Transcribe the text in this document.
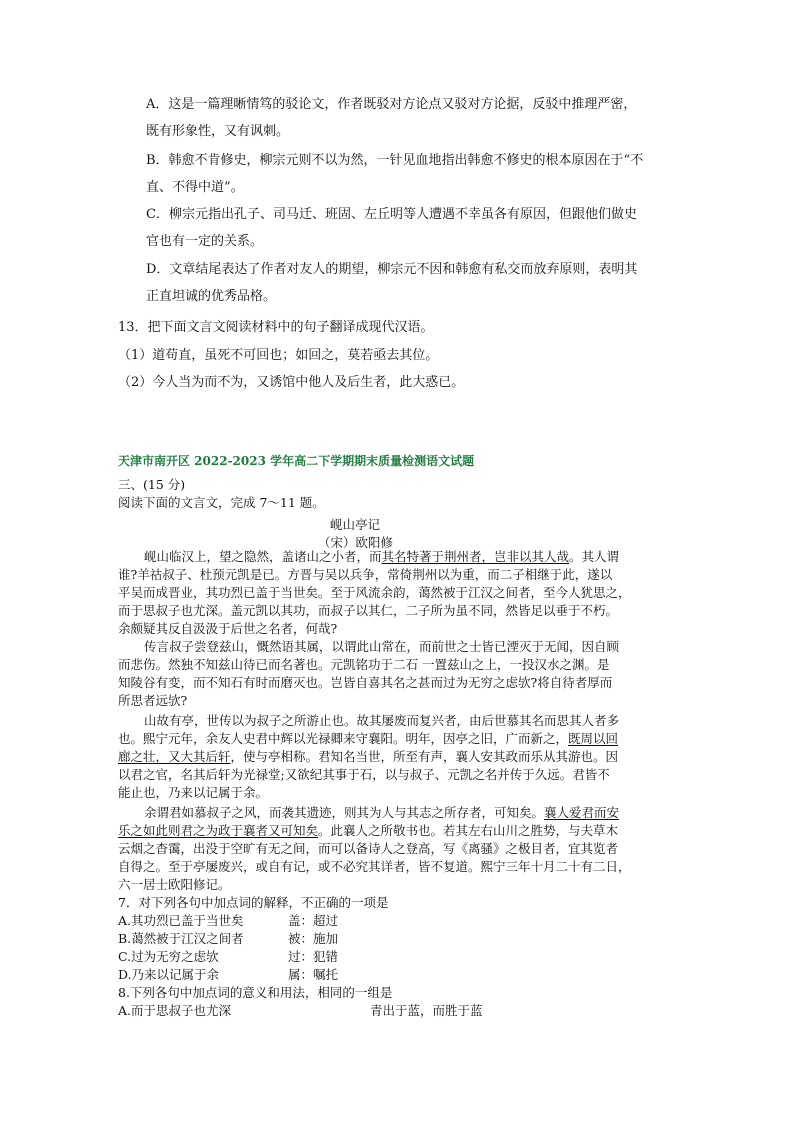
A．这是一篇理晰情笃的驳论文，作者既驳对方论点又驳对方论据，反驳中推理严密，
既有形象性，又有讽刺。
B．韩愈不肯修史，柳宗元则不以为然，一针见血地指出韩愈不修史的根本原因在于“不
直、不得中道”。
C．柳宗元指出孔子、司马迁、班固、左丘明等人遭遇不幸虽各有原因，但跟他们做史
官也有一定的关系。
D．文章结尾表达了作者对友人的期望，柳宗元不因和韩愈有私交而放弃原则，表明其
正直坦诚的优秀品格。
13．把下面文言文阅读材料中的句子翻译成现代汉语。
（1）道苟直，虽死不可回也；如回之，莫若亟去其位。
（2）今人当为而不为，又诱馆中他人及后生者，此大惑已。
天津市南开区 2022-2023 学年高二下学期期末质量检测语文试题
三、(15 分)
阅读下面的文言文，完成 7～11 题。
岘山亭记
（宋）欧阳修
岘山临汉上，望之隐然，盖诸山之小者，而其名特著于荆州者，岂非以其人哉。其人谓
谁?羊祜叔子、杜预元凯是已。方晋与吴以兵争，常倚荆州以为重，而二子相继于此，遂以
平吴而成晋业，其功烈已盖于当世矣。至于风流余韵，蔼然被于江汉之间者，至今人犹思之，
而于思叔子也尤深。盖元凯以其功，而叔子以其仁，二子所为虽不同，然皆足以垂于不朽。
余颇疑其反自汲汲于后世之名者，何哉?
传言叔子尝登兹山，慨然语其属，以谓此山常在，而前世之士皆已湮灭于无闻，因自顾
而悲伤。然独不知兹山待已而名著也。元凯铭功于二石 一置兹山之上，一投汉水之渊。是
知陵谷有变，而不知石有时而磨灭也。岂皆自喜其名之甚而过为无穷之虑欤?将自待者厚而
所思者远欤?
山故有亭，世传以为叔子之所游止也。故其屡废而复兴者，由后世慕其名而思其人者多
也。熙宁元年，余友人史君中辉以光禄卿来守襄阳。明年，因亭之旧，广而新之，既周以回
廊之壮，又大其后轩，使与亭相称。君知名当世，所至有声，襄人安其政而乐从其游也。因
以君之官，名其后轩为光禄堂;又欲纪其事于石，以与叔子、元凯之名并传于久远。君皆不
能止也，乃来以记属于余。
余谓君如慕叔子之风，而袭其遗迹，则其为人与其志之所存者，可知矣。襄人爱君而安
乐之如此则君之为政于襄者又可知矣。此襄人之所敬书也。若其左右山川之胜势，与夫草木
云烟之杳霭，出没于空旷有无之间，而可以备诗人之登高，写《离骚》之极目者，宜其览者
自得之。至于亭屡废兴，或自有记，或不必究其详者，皆不复道。熙宁三年十月二十有二日，
六一居士欧阳修记。
7．对下列各句中加点词的解释，不正确的一项是
A.其功烈已盖于当世矣	盖：超过
B.蔼然被于江汉之间者	被：施加
C.过为无穷之虑欤	过：犯错
D.乃来以记属于余	属：嘱托
8.下列各句中加点词的意义和用法，相同的一组是
A.而于思叔子也尤深	青出于蓝，而胜于蓝
